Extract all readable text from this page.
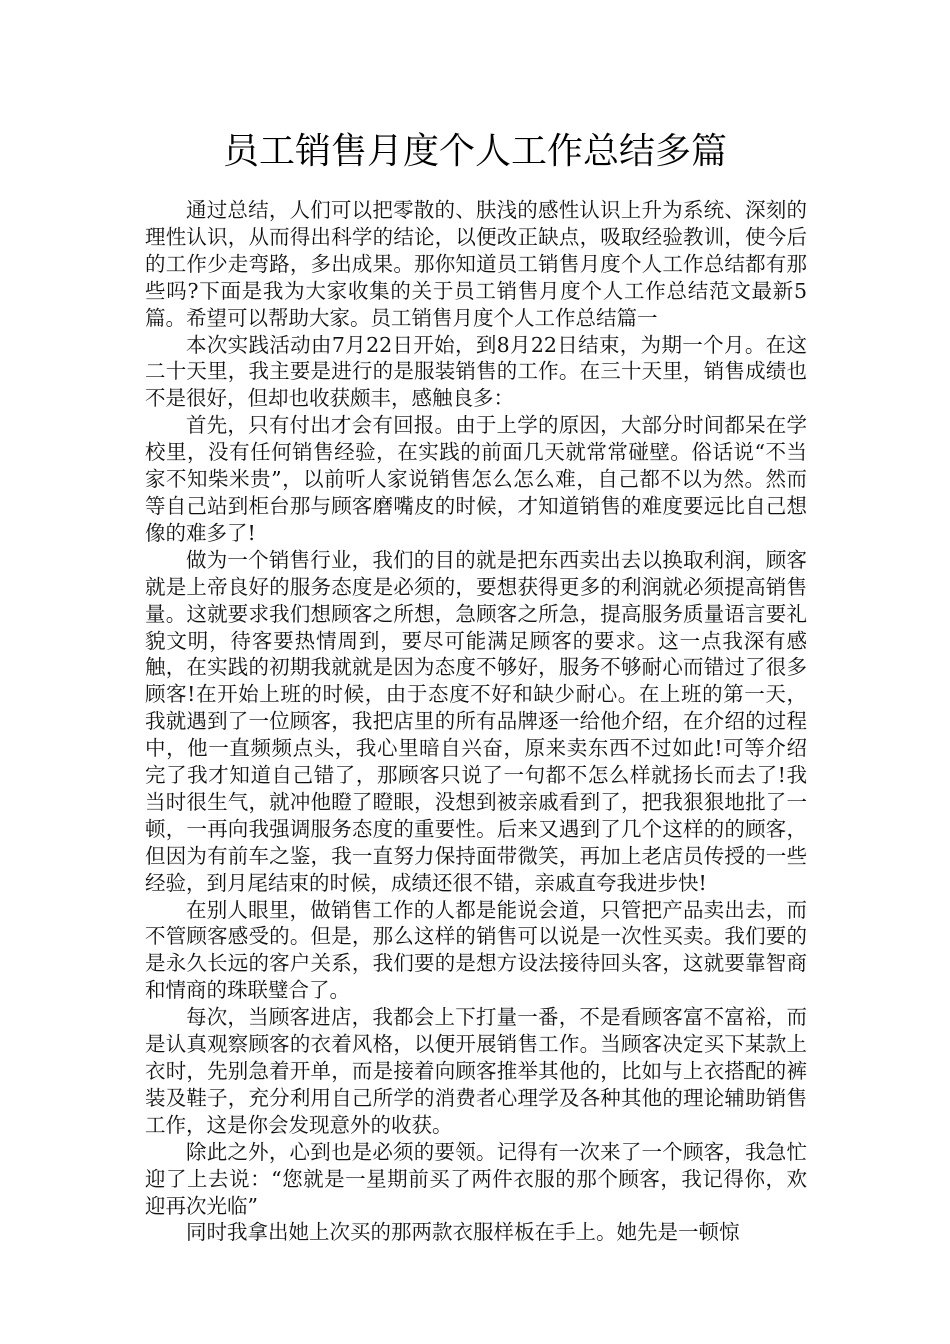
员工销售月度个人工作总结多篇

通过总结，人们可以把零散的、肤浅的感性认识上升为系统、深刻的理性认识，从而得出科学的结论，以便改正缺点，吸取经验教训，使今后的工作少走弯路，多出成果。那你知道员工销售月度个人工作总结都有那些吗?下面是我为大家收集的关于员工销售月度个人工作总结范文最新5篇。希望可以帮助大家。员工销售月度个人工作总结篇一

本次实践活动由7月22日开始，到8月22日结束，为期一个月。在这二十天里，我主要是进行的是服装销售的工作。在三十天里，销售成绩也不是很好，但却也收获颇丰，感触良多：

首先，只有付出才会有回报。由于上学的原因，大部分时间都呆在学校里，没有任何销售经验，在实践的前面几天就常常碰壁。俗话说“不当家不知柴米贵”，以前听人家说销售怎么怎么难，自己都不以为然。然而等自己站到柜台那与顾客磨嘴皮的时候，才知道销售的难度要远比自己想像的难多了!

做为一个销售行业，我们的目的就是把东西卖出去以换取利润，顾客就是上帝良好的服务态度是必须的，要想获得更多的利润就必须提高销售量。这就要求我们想顾客之所想，急顾客之所急，提高服务质量语言要礼貌文明，待客要热情周到，要尽可能满足顾客的要求。这一点我深有感触，在实践的初期我就就是因为态度不够好，服务不够耐心而错过了很多顾客!在开始上班的时候，由于态度不好和缺少耐心。在上班的第一天，我就遇到了一位顾客，我把店里的所有品牌逐一给他介绍，在介绍的过程中，他一直频频点头，我心里暗自兴奋，原来卖东西不过如此!可等介绍完了我才知道自己错了，那顾客只说了一句都不怎么样就扬长而去了!我当时很生气，就冲他瞪了瞪眼，没想到被亲戚看到了，把我狠狠地批了一顿，一再向我强调服务态度的重要性。后来又遇到了几个这样的的顾客，但因为有前车之鉴，我一直努力保持面带微笑，再加上老店员传授的一些经验，到月尾结束的时候，成绩还很不错，亲戚直夸我进步快!

在别人眼里，做销售工作的人都是能说会道，只管把产品卖出去，而不管顾客感受的。但是，那么这样的销售可以说是一次性买卖。我们要的是永久长远的客户关系，我们要的是想方设法接待回头客，这就要靠智商和情商的珠联璧合了。

每次，当顾客进店，我都会上下打量一番，不是看顾客富不富裕，而是认真观察顾客的衣着风格，以便开展销售工作。当顾客决定买下某款上衣时，先别急着开单，而是接着向顾客推举其他的，比如与上衣搭配的裤装及鞋子，充分利用自己所学的消费者心理学及各种其他的理论辅助销售工作，这是你会发现意外的收获。

除此之外，心到也是必须的要领。记得有一次来了一个顾客，我急忙迎了上去说：“您就是一星期前买了两件衣服的那个顾客，我记得你，欢迎再次光临”

同时我拿出她上次买的那两款衣服样板在手上。她先是一顿惊
